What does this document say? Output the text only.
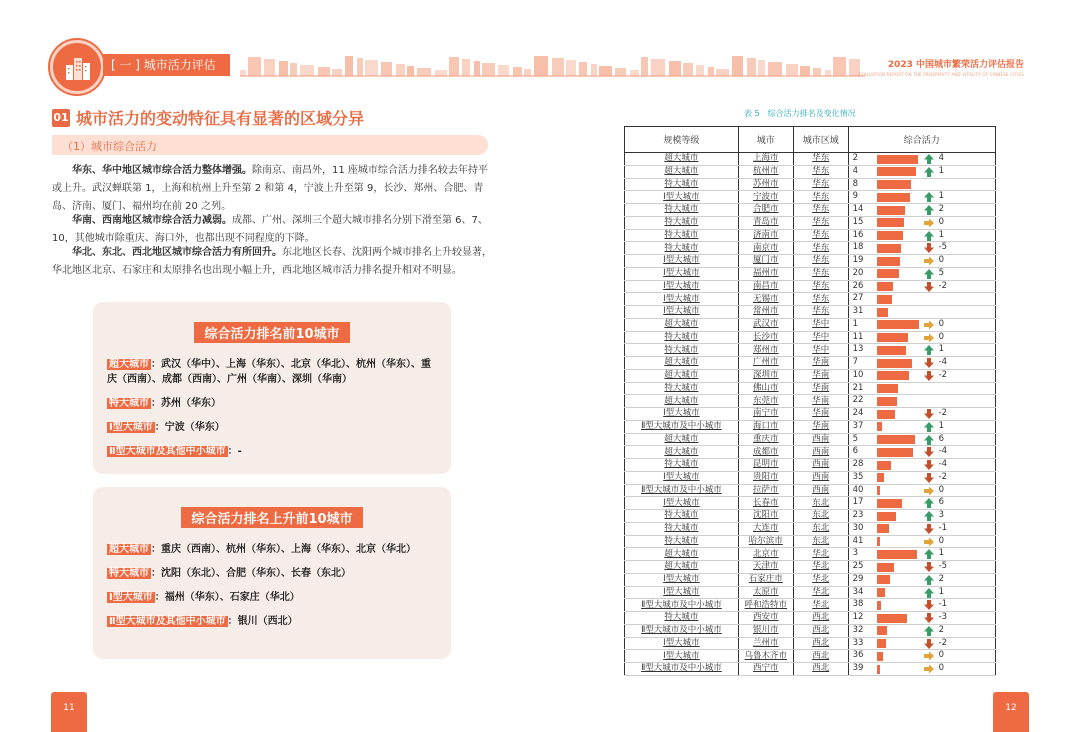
[ 一 ] 城市活力评估	2023 中国城市繁荣活力评估报告
EVALUATION REPORT ON THE PROSPERITY AND VITALITY OF CHINESE CITIES
01 城市活力的变动特征具有显著的区域分异
（1）城市综合活力

华东、华中地区城市综合活力整体增强。除南京、南昌外，11 座城市综合活力排名较去年持平或上升。武汉蝉联第 1，上海和杭州上升至第 2 和第 4，宁波上升至第 9，长沙、郑州、合肥、青岛、济南、厦门、福州均在前 20 之列。

华南、西南地区城市综合活力减弱。成都、广州、深圳三个超大城市排名分别下滑至第 6、7、10，其他城市除重庆、海口外，也都出现不同程度的下降。

华北、东北、西北地区城市综合活力有所回升。东北地区长春、沈阳两个城市排名上升较显著，华北地区北京、石家庄和太原排名也出现小幅上升，西北地区城市活力排名提升相对不明显。

综合活力排名前10城市
超大城市 ：武汉（华中）、上海（华东）、北京（华北）、杭州（华东）、重庆（西南）、成都（西南）、广州（华南）、深圳（华南）
特大城市 ：苏州（华东）
Ⅰ型大城市 ：宁波（华东）
Ⅱ型大城市及其他中小城市 ：-
综合活力排名上升前10城市
超大城市 ：重庆（西南）、杭州（华东）、上海（华东）、北京（华北）
特大城市 ：沈阳（东北）、合肥（华东）、长春（东北）
Ⅰ型大城市 ：福州（华东）、石家庄（华北）
Ⅱ型大城市及其他中小城市 ：银川（西北）
11
表 5　综合活力排名及变化情况
规模等级	城市	城市区域	综合活力
超大城市	上海市	华东	2 4

超大城市	杭州市	华东	4 1

特大城市	苏州市	华东	8

Ⅰ型大城市	宁波市	华东	9 1

特大城市	合肥市	华东	14 2

特大城市	青岛市	华东	15 0

特大城市	济南市	华东	16 1

特大城市	南京市	华东	18 -5

Ⅰ型大城市	厦门市	华东	19 0

Ⅰ型大城市	福州市	华东	20 5

Ⅰ型大城市	南昌市	华东	26 -2

Ⅰ型大城市	无锡市	华东	27

Ⅰ型大城市	常州市	华东	31

超大城市	武汉市	华中	1 0

特大城市	长沙市	华中	11 0

特大城市	郑州市	华中	13 1

超大城市	广州市	华南	7 -4

超大城市	深圳市	华南	10 -2

特大城市	佛山市	华南	21

超大城市	东莞市	华南	22

Ⅰ型大城市	南宁市	华南	24 -2

Ⅱ型大城市及中小城市	海口市	华南	37 1

超大城市	重庆市	西南	5 6

超大城市	成都市	西南	6 -4

特大城市	昆明市	西南	28 -4

Ⅰ型大城市	贵阳市	西南	35 -2

Ⅱ型大城市及中小城市	拉萨市	西南	40 0

Ⅰ型大城市	长春市	东北	17 6

特大城市	沈阳市	东北	23 3

特大城市	大连市	东北	30 -1

特大城市	哈尔滨市	东北	41 0

超大城市	北京市	华北	3 1

超大城市	天津市	华北	25 -5

Ⅰ型大城市	石家庄市	华北	29 2

Ⅰ型大城市	太原市	华北	34 1

Ⅱ型大城市及中小城市	呼和浩特市	华北	38 -1

特大城市	西安市	西北	12 -3

Ⅱ型大城市及中小城市	银川市	西北	32 2

Ⅰ型大城市	兰州市	西北	33 -2

Ⅰ型大城市	乌鲁木齐市	西北	36 0

Ⅱ型大城市及中小城市	西宁市	西北	39 0
12
